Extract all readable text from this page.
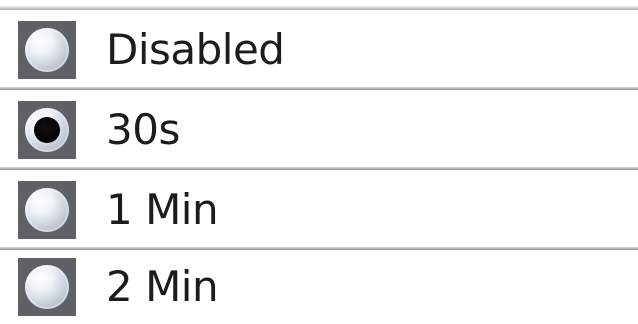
Disabled
30s
1 Min
2 Min
